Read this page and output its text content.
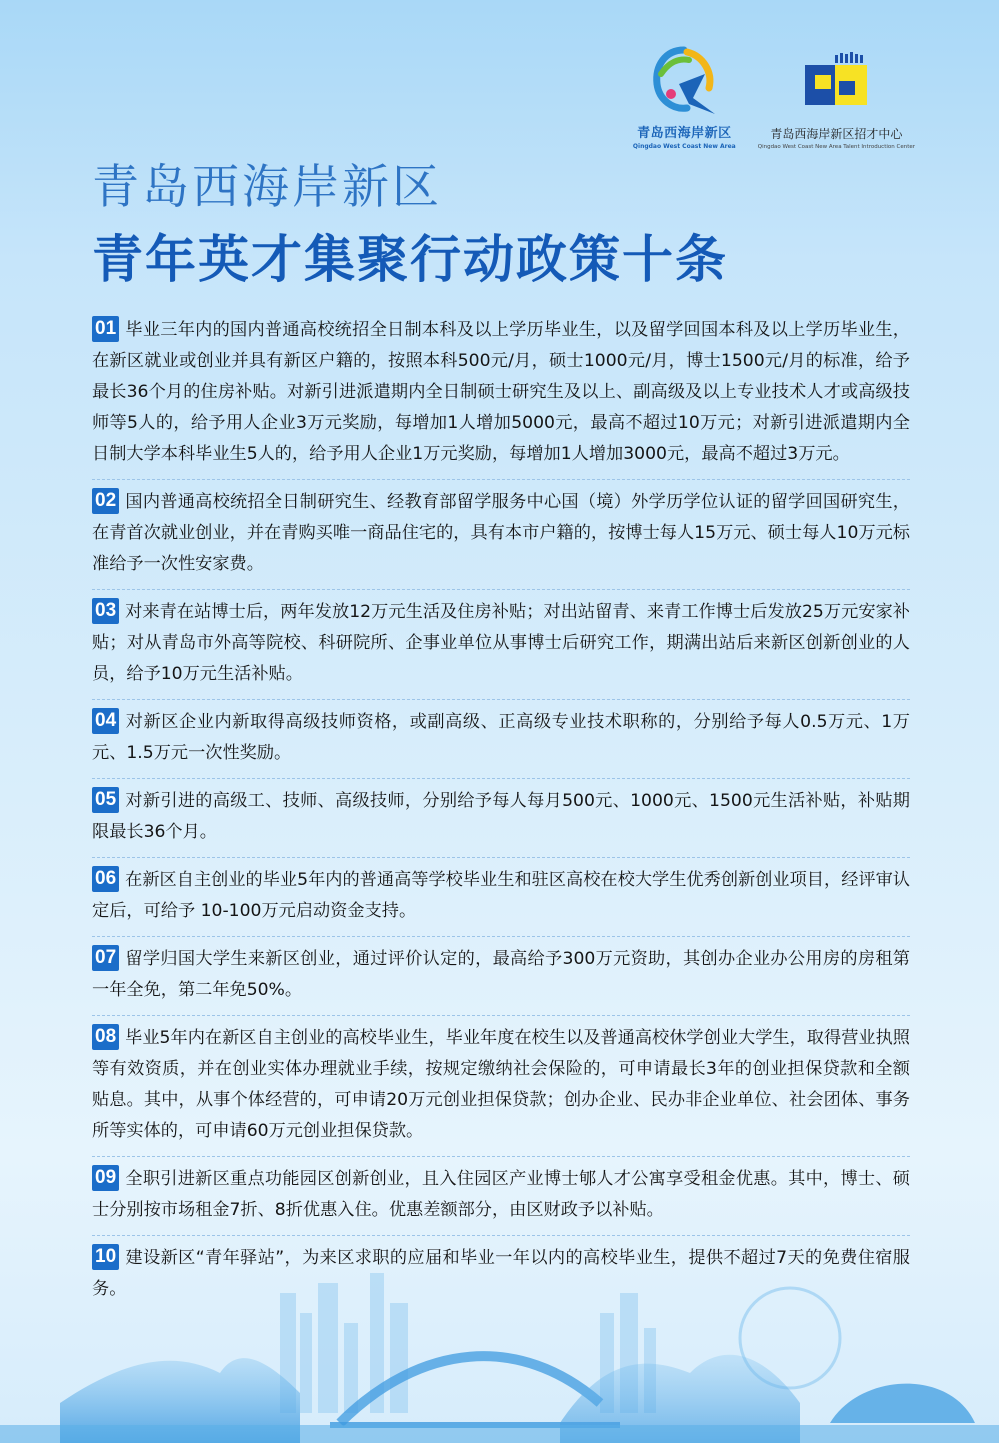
青岛西海岸新区
Qingdao West Coast New Area
青岛西海岸新区招才中心
Qingdao West Coast New Area Talent Introduction Center
青岛西海岸新区
青年英才集聚行动政策十条

01 毕业三年内的国内普通高校统招全日制本科及以上学历毕业生，以及留学回国本科及以上学历毕业生，在新区就业或创业并具有新区户籍的，按照本科500元/月，硕士1000元/月，博士1500元/月的标准，给予最长36个月的住房补贴。对新引进派遣期内全日制硕士研究生及以上、副高级及以上专业技术人才或高级技师等5人的，给予用人企业3万元奖励，每增加1人增加5000元，最高不超过10万元；对新引进派遣期内全日制大学本科毕业生5人的，给予用人企业1万元奖励，每增加1人增加3000元，最高不超过3万元。

02 国内普通高校统招全日制研究生、经教育部留学服务中心国（境）外学历学位认证的留学回国研究生，在青首次就业创业，并在青购买唯一商品住宅的，具有本市户籍的，按博士每人15万元、硕士每人10万元标准给予一次性安家费。

03 对来青在站博士后，两年发放12万元生活及住房补贴；对出站留青、来青工作博士后发放25万元安家补贴；对从青岛市外高等院校、科研院所、企事业单位从事博士后研究工作，期满出站后来新区创新创业的人员，给予10万元生活补贴。

04 对新区企业内新取得高级技师资格，或副高级、正高级专业技术职称的，分别给予每人0.5万元、1万元、1.5万元一次性奖励。

05 对新引进的高级工、技师、高级技师，分别给予每人每月500元、1000元、1500元生活补贴，补贴期限最长36个月。

06 在新区自主创业的毕业5年内的普通高等学校毕业生和驻区高校在校大学生优秀创新创业项目，经评审认定后，可给予 10-100万元启动资金支持。

07 留学归国大学生来新区创业，通过评价认定的，最高给予300万元资助，其创办企业办公用房的房租第一年全免，第二年免50%。

08 毕业5年内在新区自主创业的高校毕业生，毕业年度在校生以及普通高校休学创业大学生，取得营业执照等有效资质，并在创业实体办理就业手续，按规定缴纳社会保险的，可申请最长3年的创业担保贷款和全额贴息。其中，从事个体经营的，可申请20万元创业担保贷款；创办企业、民办非企业单位、社会团体、事务所等实体的，可申请60万元创业担保贷款。

09 全职引进新区重点功能园区创新创业，且入住园区产业博士郇人才公寓享受租金优惠。其中，博士、硕士分别按市场租金7折、8折优惠入住。优惠差额部分，由区财政予以补贴。

10 建设新区“青年驿站”，为来区求职的应届和毕业一年以内的高校毕业生，提供不超过7天的免费住宿服务。
